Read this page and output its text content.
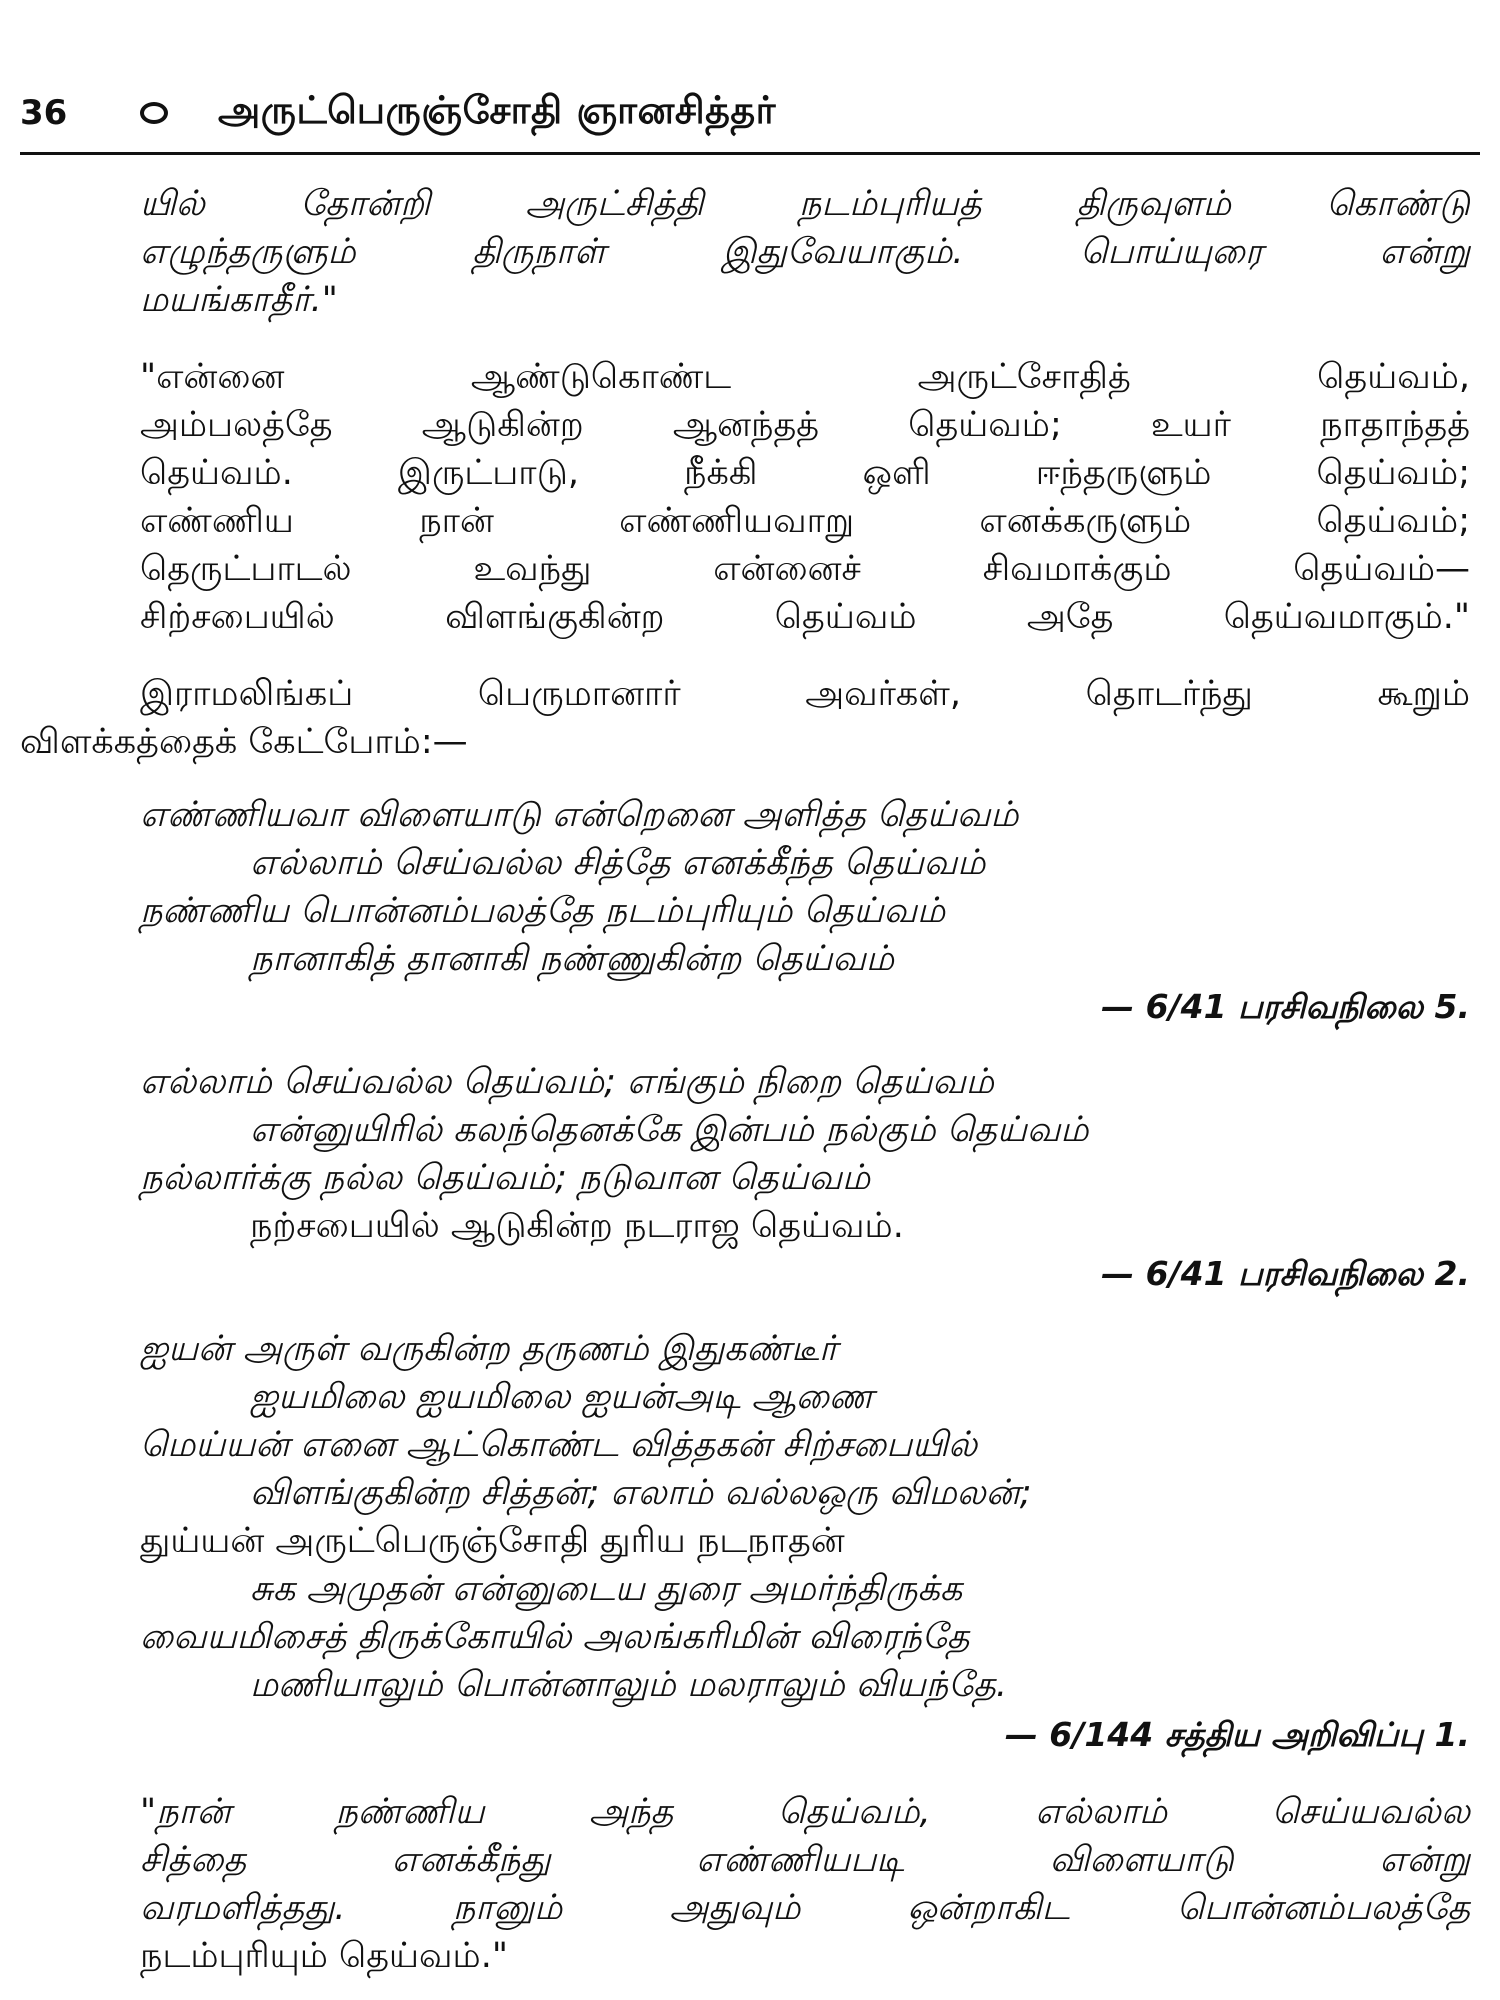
36	அருட்பெருஞ்சோதி ஞானசித்தர்
யில் தோன்றி அருட்சித்தி நடம்புரியத் திருவுளம் கொண்டு
எழுந்தருளும் திருநாள் இதுவேயாகும். பொய்யுரை என்று
மயங்காதீர்."
"என்னை ஆண்டுகொண்ட அருட்சோதித் தெய்வம்,
அம்பலத்தே ஆடுகின்ற ஆனந்தத் தெய்வம்; உயர் நாதாந்தத்
தெய்வம். இருட்பாடு, நீக்கி ஒளி ஈந்தருளும் தெய்வம்;
எண்ணிய நான் எண்ணியவாறு எனக்கருளும் தெய்வம்;
தெருட்பாடல் உவந்து என்னைச் சிவமாக்கும் தெய்வம்—
சிற்சபையில் விளங்குகின்ற தெய்வம் அதே தெய்வமாகும்."
இராமலிங்கப் பெருமானார் அவர்கள், தொடர்ந்து கூறும்
விளக்கத்தைக் கேட்போம்:—
எண்ணியவா விளையாடு என்றெனை அளித்த தெய்வம்
எல்லாம் செய்வல்ல சித்தே எனக்கீந்த தெய்வம்
நண்ணிய பொன்னம்பலத்தே நடம்புரியும் தெய்வம்
நானாகித் தானாகி நண்ணுகின்ற தெய்வம்
— 6/41 பரசிவநிலை 5.
எல்லாம் செய்வல்ல தெய்வம்; எங்கும் நிறை தெய்வம்
என்னுயிரில் கலந்தெனக்கே இன்பம் நல்கும் தெய்வம்
நல்லார்க்கு நல்ல தெய்வம்; நடுவான தெய்வம்
நற்சபையில் ஆடுகின்ற நடராஜ தெய்வம்.
— 6/41 பரசிவநிலை 2.
ஐயன் அருள் வருகின்ற தருணம் இதுகண்டீர்
ஐயமிலை ஐயமிலை ஐயன்அடி ஆணை
மெய்யன் எனை ஆட்கொண்ட வித்தகன் சிற்சபையில்
விளங்குகின்ற சித்தன்; எலாம் வல்லஒரு விமலன்;
துய்யன் அருட்பெருஞ்சோதி துரிய நடநாதன்
சுக அமுதன் என்னுடைய துரை அமர்ந்திருக்க
வையமிசைத் திருக்கோயில் அலங்கரிமின் விரைந்தே
மணியாலும் பொன்னாலும் மலராலும் வியந்தே.
— 6/144 சத்திய அறிவிப்பு 1.
"நான் நண்ணிய அந்த தெய்வம், எல்லாம் செய்யவல்ல
சித்தை எனக்கீந்து எண்ணியபடி விளையாடு என்று
வரமளித்தது. நானும் அதுவும் ஒன்றாகிட பொன்னம்பலத்தே
நடம்புரியும் தெய்வம்."
